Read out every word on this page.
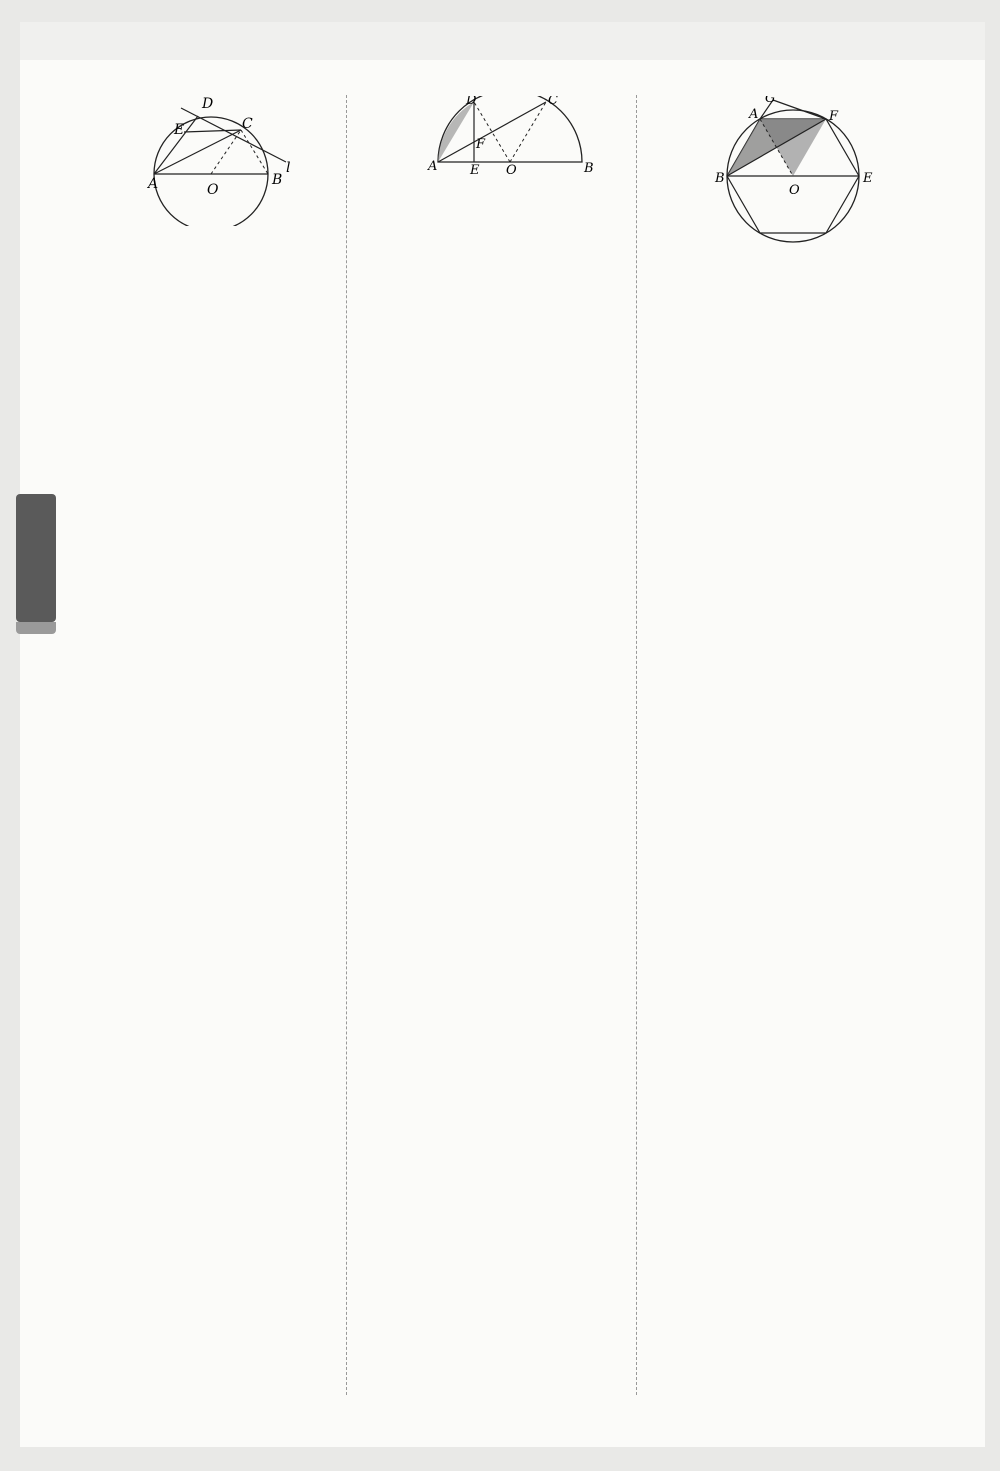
A	B
O
C
D
E
l	A	B
O
E
F
C
D	G
A	F
B	E
O
